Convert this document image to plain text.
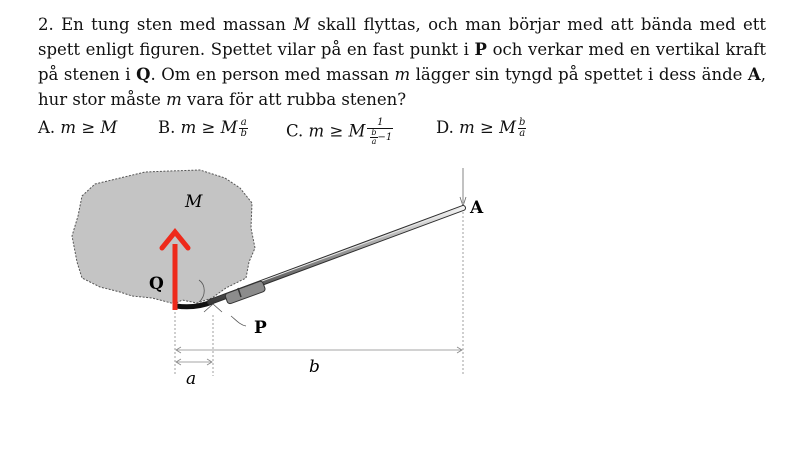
2. En tung sten med massan M skall flyttas, och man börjar med att bända med ett spett enligt figuren. Spettet vilar på en fast punkt i P och verkar med en vertikal kraft på stenen i Q. Om en person med massan m lägger sin tyngd på spettet i dess ände A, hur stor måste m vara för att rubba stenen?
A. m ≥ M B. m ≥ M $\frac{a}{b} C$. m ≥ M $\frac{1}{\frac{b}{a} -1}$	D. m ≥ M $\frac{b}{a}$
M	A
Q
P
a
b
